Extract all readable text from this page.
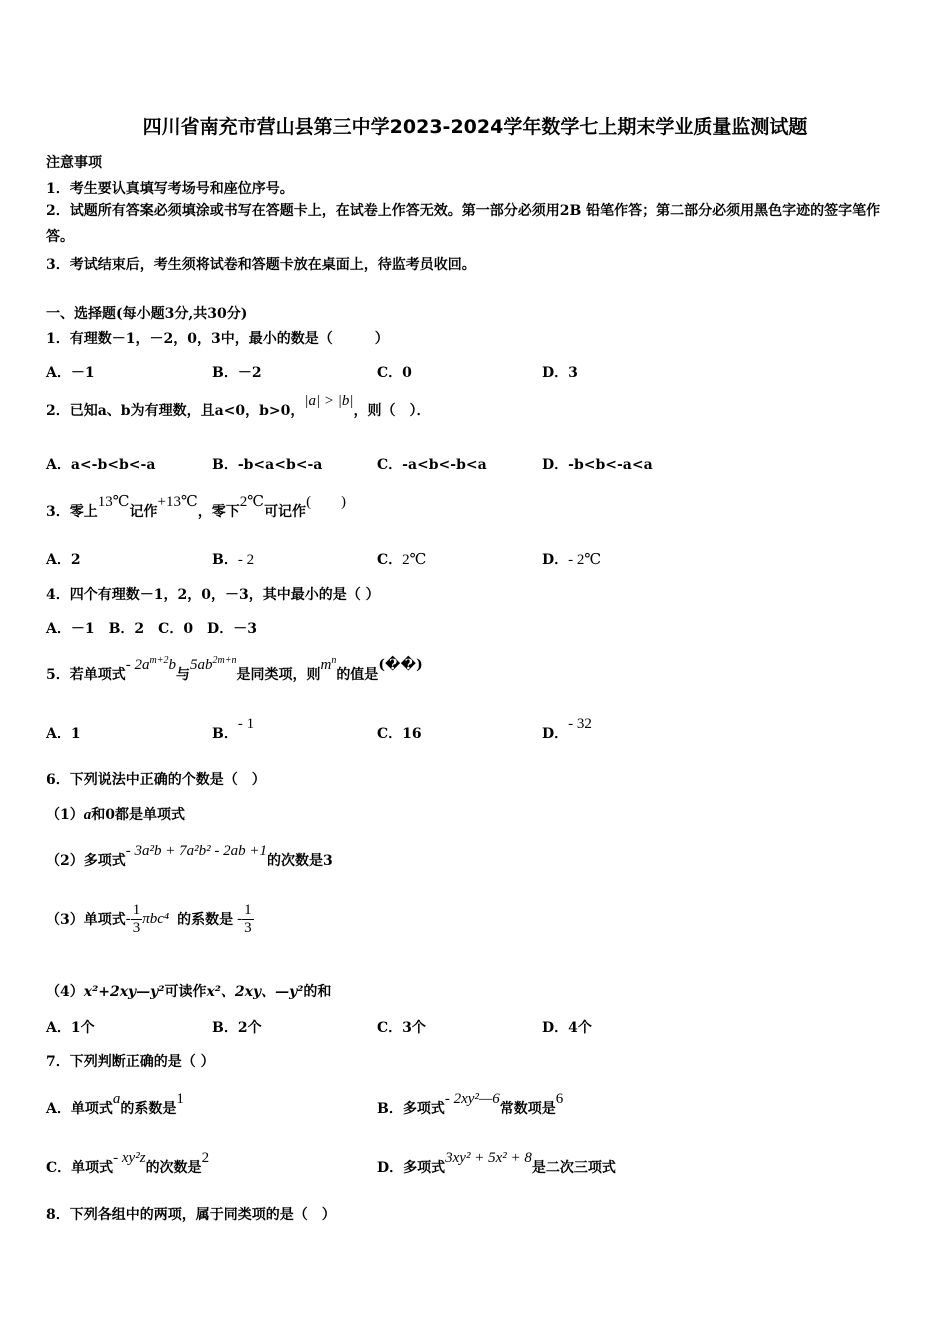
四川省南充市营山县第三中学2023-2024学年数学七上期末学业质量监测试题
注意事项
1．考生要认真填写考场号和座位序号。
2．试题所有答案必须填涂或书写在答题卡上，在试卷上作答无效。第一部分必须用2B 铅笔作答；第二部分必须用黑色字迹的签字笔作答。
3．考试结束后，考生须将试卷和答题卡放在桌面上，待监考员收回。
一、选择题(每小题3分,共30分)
1．有理数－1，－2，0，3中，最小的数是（　　　）
A．－1	B．－2	C．0	D．3
2．已知a、b为有理数，且a<0，b>0，|a| > |b|，则（　）．
A．a<-b<b<-a	B．-b<a<b<-a	C．-a<b<-b<a	D．-b<b<-a<a
3．零上13℃记作+13℃，零下2℃可记作(　　)
A．2	B．- 2	C．2℃	D．- 2℃
4．四个有理数－1，2，0，－3，其中最小的是（ ）
A．－1　B．2　C．0　D．－3
5．若单项式- $2a^{m+2}b$与$5ab^{2m+n}$是同类项，则$m^n$的值是(��)
A．1	B．- 1
C．16	D．- 32
6．下列说法中正确的个数是（　）
（1）a和0都是单项式
（2）多项式- 3a²b + 7a²b² - 2ab +1的次数是3
（3）单项式 - $\frac{1}{3} \pi bc^4$ 的系数是 - $\frac{1}{3}$
（4）x²+2xy—y²可读作x²、2xy、—y²的和
A．1个	B．2个	C．3个	D．4个
7．下列判断正确的是（ ）
A．单项式a的系数是1
B．多项式- 2xy²—6常数项是6
C．单项式- xy²z的次数是2
D．多项式3xy² + 5x² + 8是二次三项式
8．下列各组中的两项，属于同类项的是（　）
